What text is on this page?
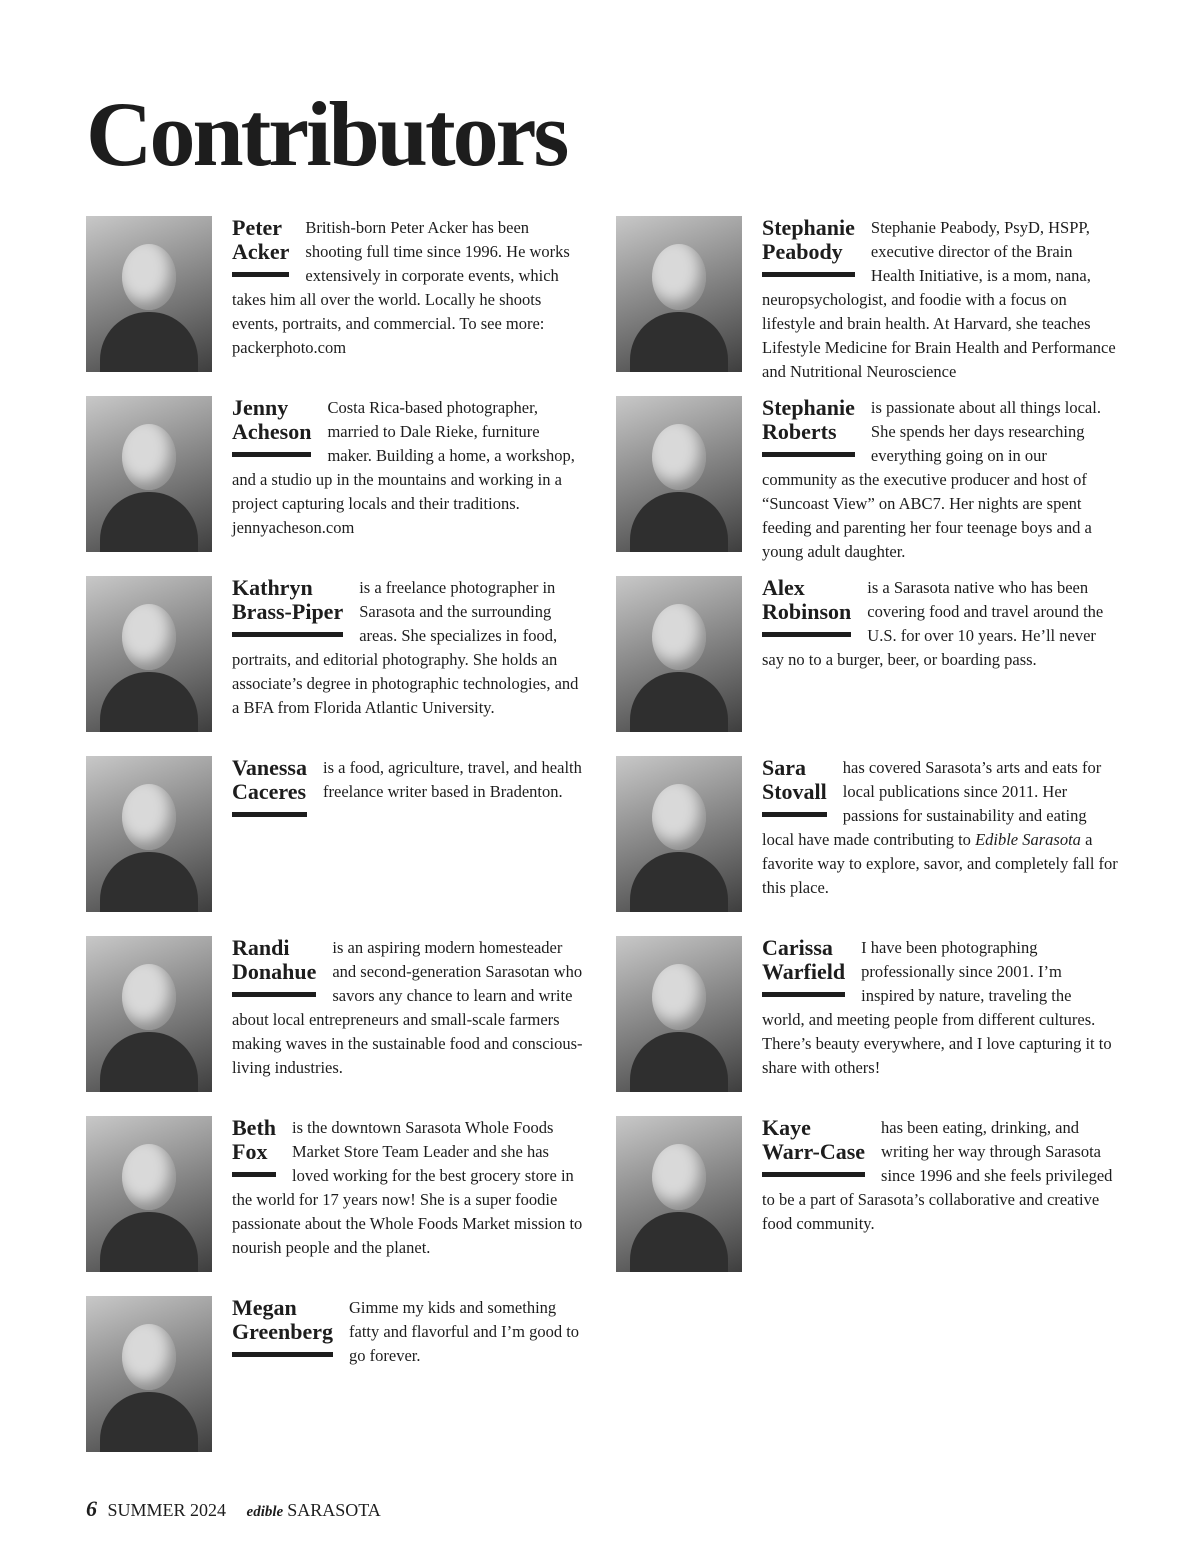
Contributors
Peter
Acker

British-born Peter Acker has been shooting full time since 1996. He works extensively in corporate events, which takes him all over the world. Locally he shoots events, portraits, and commercial. To see more: packerphoto.com

Jenny
Acheson

Costa Rica-based photographer, married to Dale Rieke, furniture maker. Building a home, a workshop, and a studio up in the mountains and working in a project capturing locals and their traditions. jennyacheson.com

Kathryn
Brass-Piper

is a freelance photographer in Sarasota and the surrounding areas. She specializes in food, portraits, and editorial photography. She holds an associate’s degree in photographic technologies, and a BFA from Florida Atlantic University.

Vanessa
Caceres

is a food, agriculture, travel, and health freelance writer based in Bradenton.

Randi
Donahue

is an aspiring modern homesteader and second-generation Sarasotan who savors any chance to learn and write about local entrepreneurs and small-scale farmers making waves in the sustainable food and conscious-living industries.

Beth
Fox

is the downtown Sarasota Whole Foods Market Store Team Leader and she has loved working for the best grocery store in the world for 17 years now! She is a super foodie passionate about the Whole Foods Market mission to nourish people and the planet.

Megan
Greenberg

Gimme my kids and something fatty and flavorful and I’m good to go forever.

Stephanie
Peabody

Stephanie Peabody, PsyD, HSPP, executive director of the Brain Health Initiative, is a mom, nana, neuropsychologist, and foodie with a focus on lifestyle and brain health. At Harvard, she teaches Lifestyle Medicine for Brain Health and Performance and Nutritional Neuroscience

Stephanie
Roberts

is passionate about all things local. She spends her days researching everything going on in our community as the executive producer and host of “Suncoast View” on ABC7. Her nights are spent feeding and parenting her four teenage boys and a young adult daughter.

Alex
Robinson

is a Sarasota native who has been covering food and travel around the U.S. for over 10 years. He’ll never say no to a burger, beer, or boarding pass.

Sara
Stovall

has covered Sarasota’s arts and eats for local publications since 2011. Her passions for sustainability and eating local have made contributing to Edible Sarasota a favorite way to explore, savor, and completely fall for this place.

Carissa
Warfield

I have been photographing professionally since 2001. I’m inspired by nature, traveling the world, and meeting people from different cultures. There’s beauty everywhere, and I love capturing it to share with others!

Kaye
Warr-Case

has been eating, drinking, and writing her way through Sarasota since 1996 and she feels privileged to be a part of Sarasota’s collaborative and creative food community.

6 SUMMER 2024 edible SARASOTA
